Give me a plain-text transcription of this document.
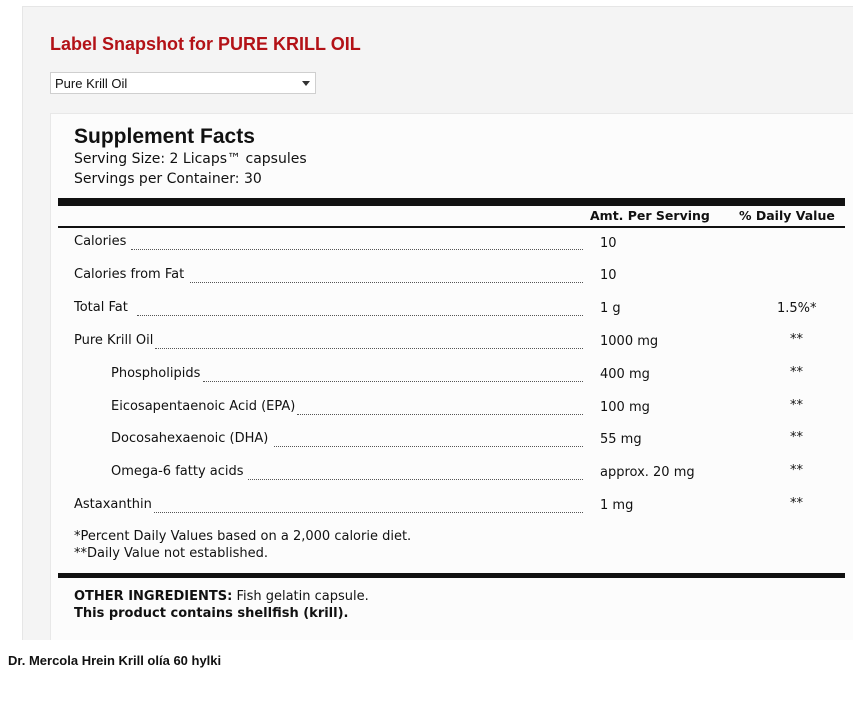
Label Snapshot for PURE KRILL OIL
Pure Krill Oil
Supplement Facts
Serving Size: 2 Licaps™ capsules
Servings per Container: 30
Amt. Per Serving % Daily Value
Calories	10
Calories from Fat	10
Total Fat	1 g	1.5%*
Pure Krill Oil	1000 mg	**
Phospholipids	400 mg	**
Eicosapentaenoic Acid (EPA)	100 mg	**
Docosahexaenoic (DHA)	55 mg	**
Omega-6 fatty acids	approx. 20 mg	**
Astaxanthin	1 mg	**
*Percent Daily Values based on a 2,000 calorie diet.
**Daily Value not established.
OTHER INGREDIENTS: Fish gelatin capsule.
This product contains shellfish (krill).
Dr. Mercola Hrein Krill olía 60 hylki
